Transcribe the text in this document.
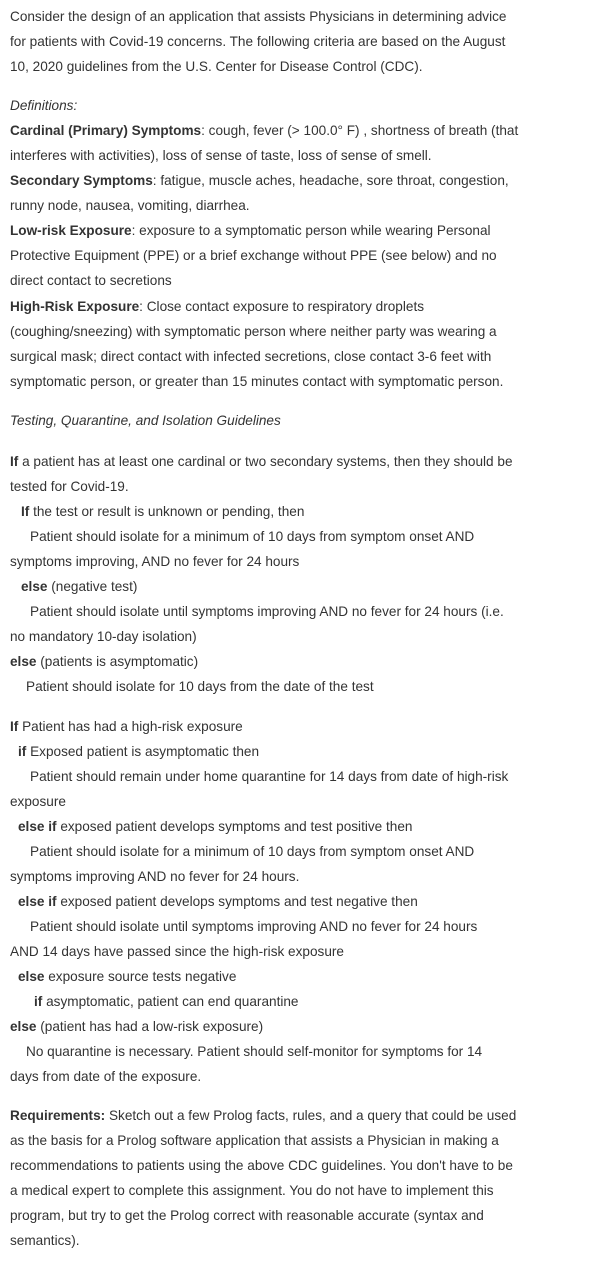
Consider the design of an application that assists Physicians in determining advice
for patients with Covid-19 concerns. The following criteria are based on the August
10, 2020 guidelines from the U.S. Center for Disease Control (CDC).
Definitions:
Cardinal (Primary) Symptoms: cough, fever (> 100.0° F) , shortness of breath (that
interferes with activities), loss of sense of taste, loss of sense of smell.
Secondary Symptoms: fatigue, muscle aches, headache, sore throat, congestion,
runny node, nausea, vomiting, diarrhea.
Low-risk Exposure: exposure to a symptomatic person while wearing Personal
Protective Equipment (PPE) or a brief exchange without PPE (see below) and no
direct contact to secretions
High-Risk Exposure: Close contact exposure to respiratory droplets
(coughing/sneezing) with symptomatic person where neither party was wearing a
surgical mask; direct contact with infected secretions, close contact 3-6 feet with
symptomatic person, or greater than 15 minutes contact with symptomatic person.
Testing, Quarantine, and Isolation Guidelines
If a patient has at least one cardinal or two secondary systems, then they should be
tested for Covid-19.
If the test or result is unknown or pending, then
Patient should isolate for a minimum of 10 days from symptom onset AND
symptoms improving, AND no fever for 24 hours
else (negative test)
Patient should isolate until symptoms improving AND no fever for 24 hours (i.e.
no mandatory 10-day isolation)
else (patients is asymptomatic)
Patient should isolate for 10 days from the date of the test
If Patient has had a high-risk exposure
if Exposed patient is asymptomatic then
Patient should remain under home quarantine for 14 days from date of high-risk
exposure
else if exposed patient develops symptoms and test positive then
Patient should isolate for a minimum of 10 days from symptom onset AND
symptoms improving AND no fever for 24 hours.
else if exposed patient develops symptoms and test negative then
Patient should isolate until symptoms improving AND no fever for 24 hours
AND 14 days have passed since the high-risk exposure
else exposure source tests negative
if asymptomatic, patient can end quarantine
else (patient has had a low-risk exposure)
No quarantine is necessary. Patient should self-monitor for symptoms for 14
days from date of the exposure.
Requirements: Sketch out a few Prolog facts, rules, and a query that could be used
as the basis for a Prolog software application that assists a Physician in making a
recommendations to patients using the above CDC guidelines. You don't have to be
a medical expert to complete this assignment. You do not have to implement this
program, but try to get the Prolog correct with reasonable accurate (syntax and
semantics).
